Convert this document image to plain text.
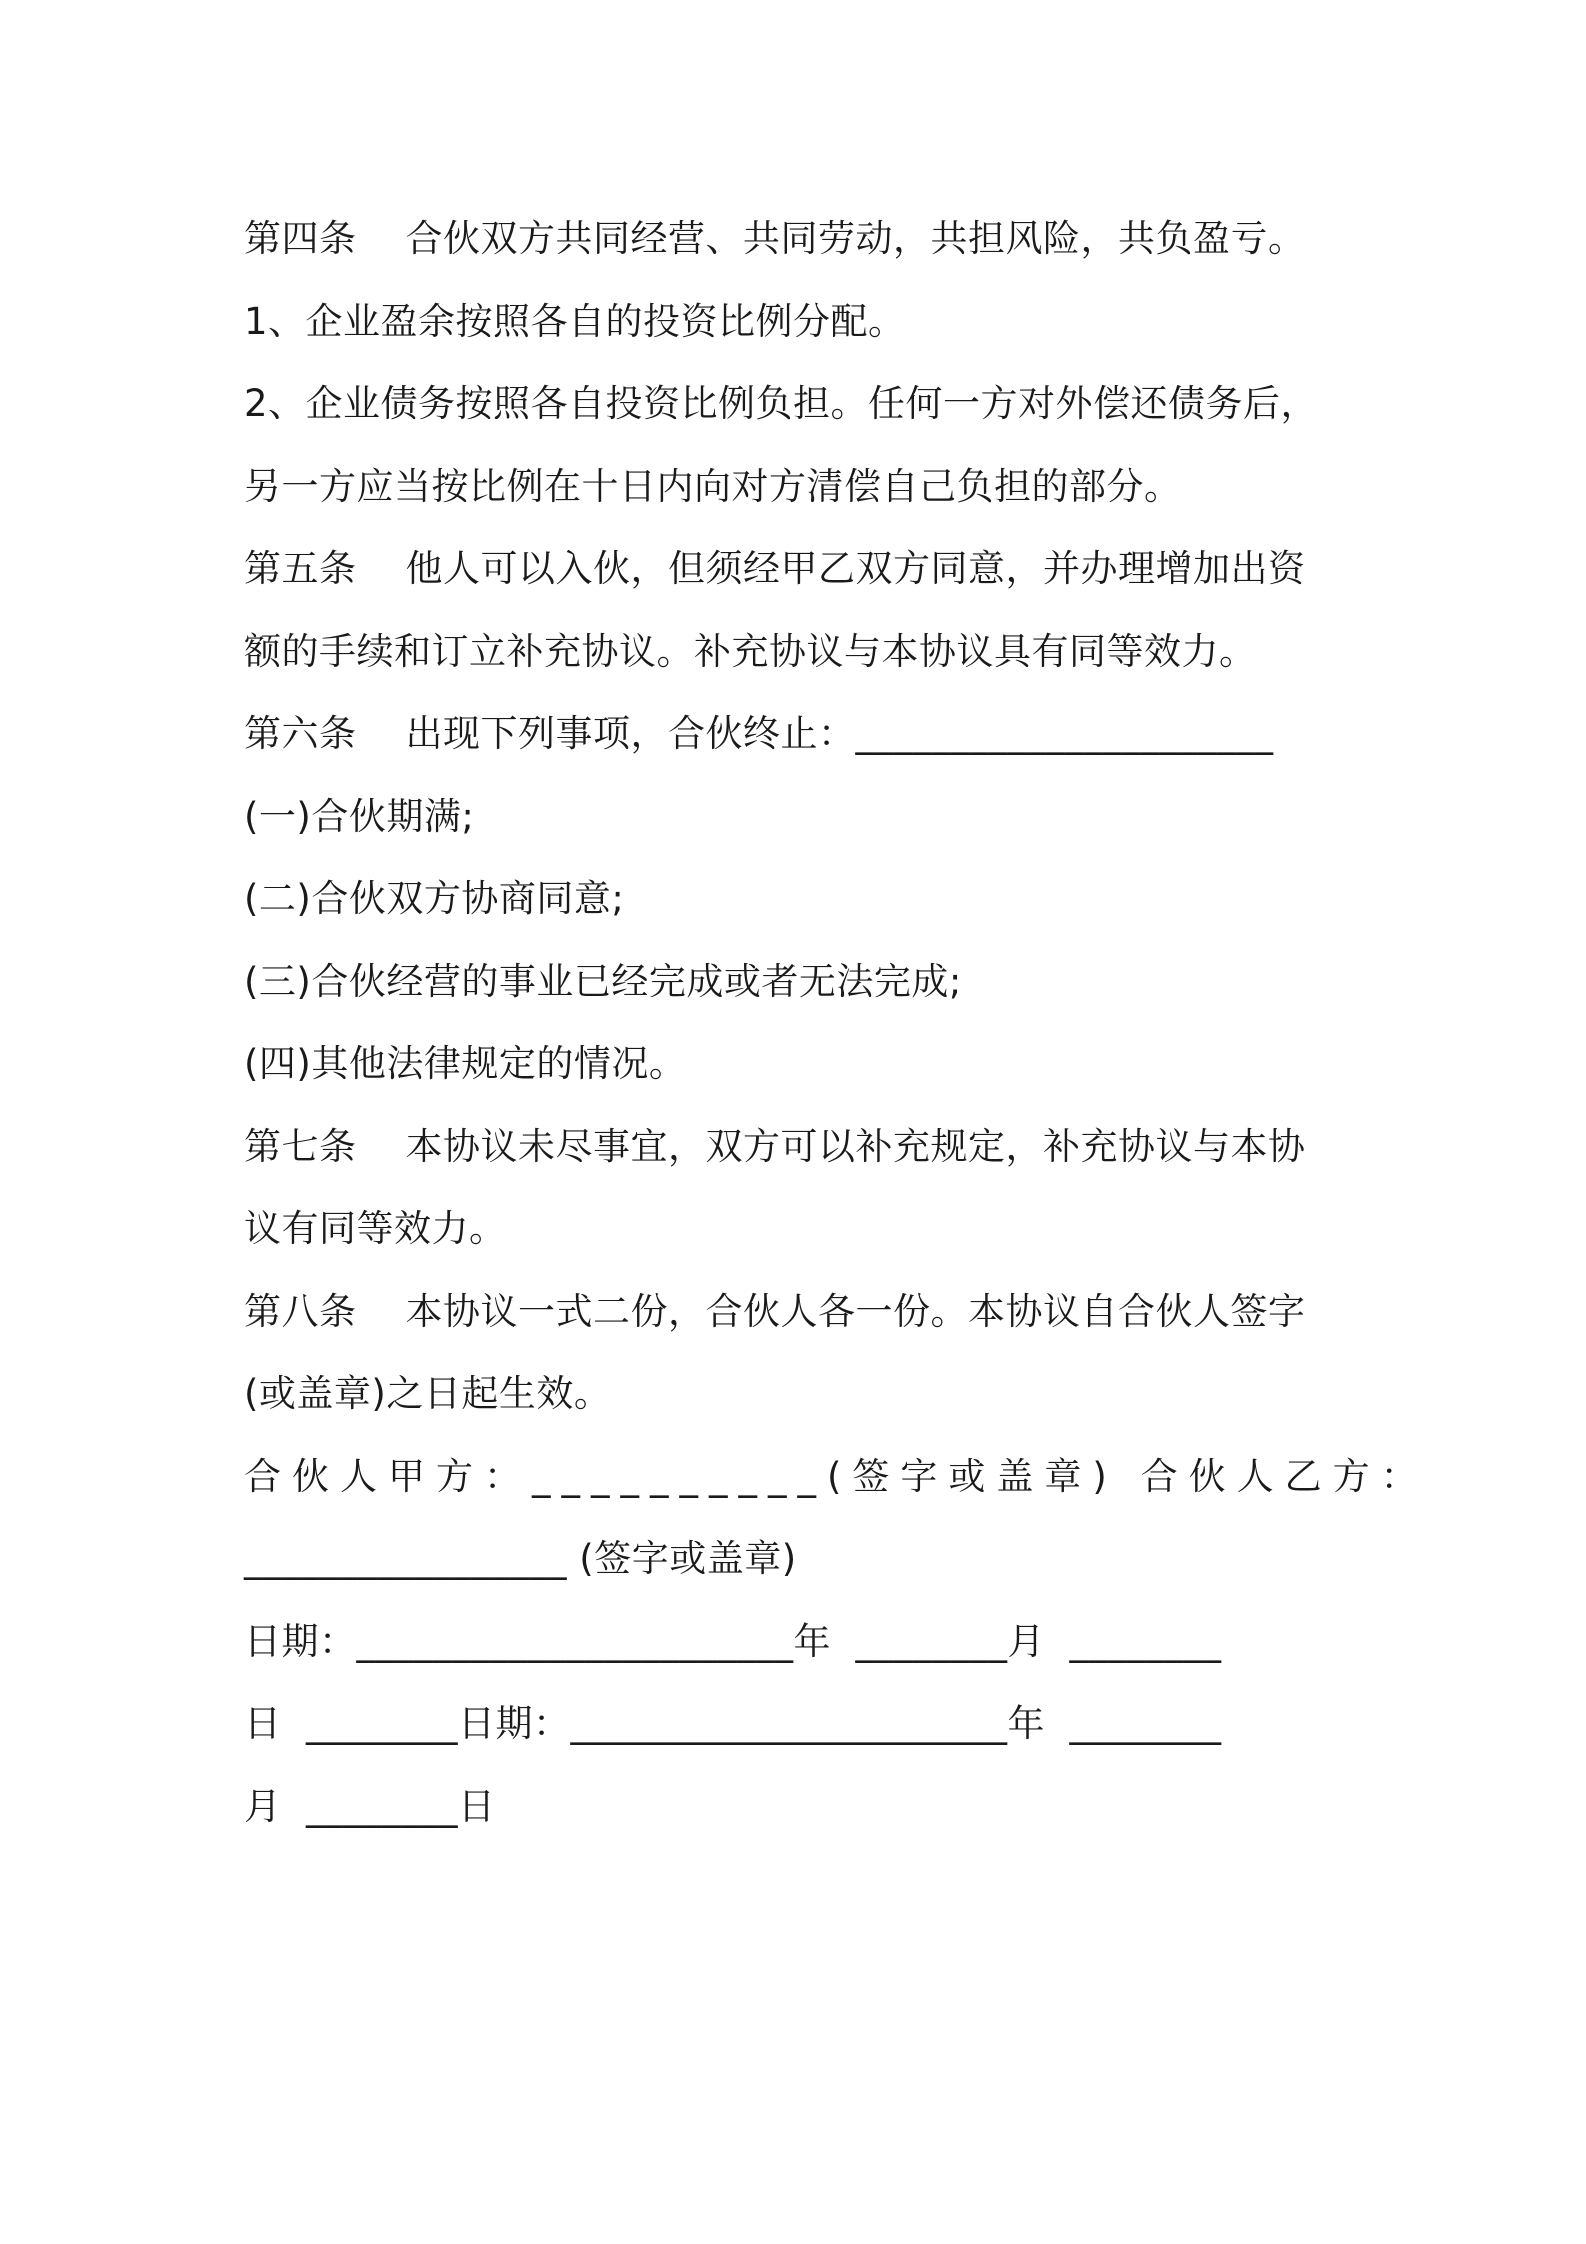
第四条    合伙双方共同经营、共同劳动，共担风险，共负盈亏。
1、企业盈余按照各自的投资比例分配。
2、企业债务按照各自投资比例负担。任何一方对外偿还债务后，
另一方应当按比例在十日内向对方清偿自己负担的部分。
第五条    他人可以入伙，但须经甲乙双方同意，并办理增加出资
额的手续和订立补充协议。补充协议与本协议具有同等效力。
第六条    出现下列事项，合伙终止：______________________
(一)合伙期满;
(二)合伙双方协商同意;
(三)合伙经营的事业已经完成或者无法完成;
(四)其他法律规定的情况。
第七条    本协议未尽事宜，双方可以补充规定，补充协议与本协
议有同等效力。
第八条    本协议一式二份，合伙人各一份。本协议自合伙人签字
(或盖章)之日起生效。
合伙人甲方：__________(签字或盖章) 合伙人乙方：
_________________ (签字或盖章)
日期：_______________________年  ________月  ________
日  ________日期：_______________________年  ________
月  ________日
